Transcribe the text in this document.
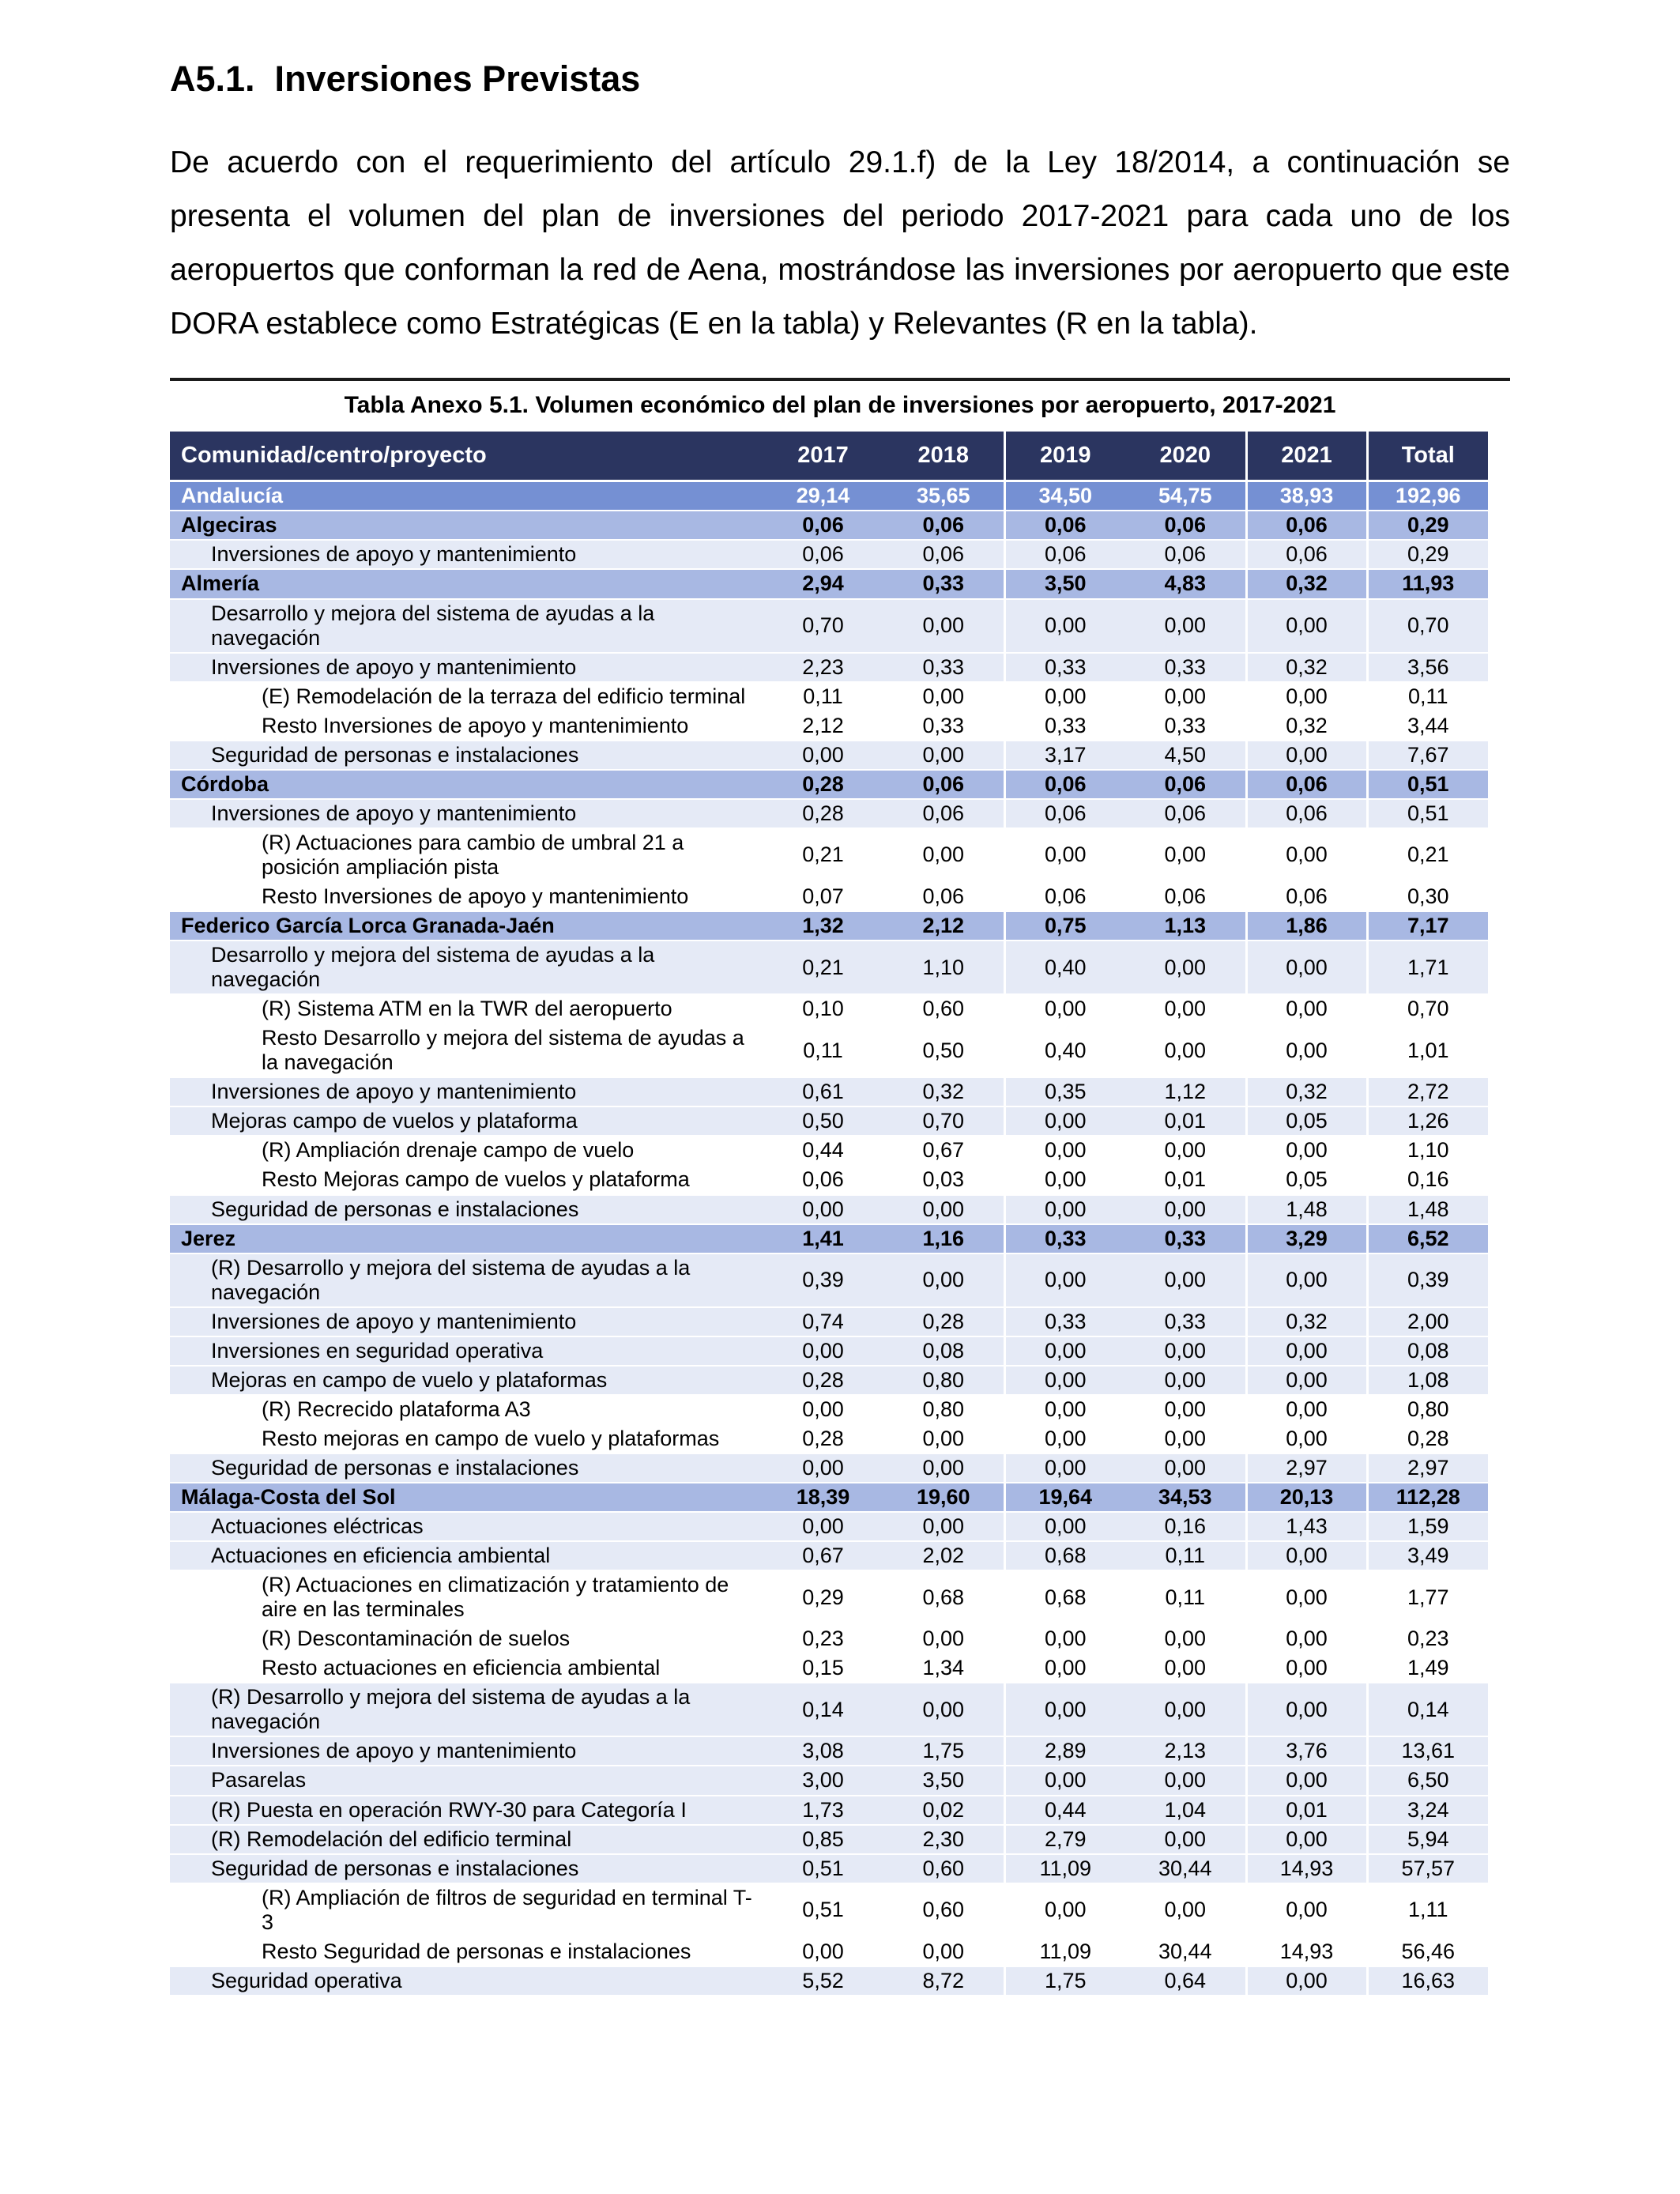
A5.1.  Inversiones Previstas

De acuerdo con el requerimiento del artículo 29.1.f) de la Ley 18/2014, a continuación se presenta el volumen del plan de inversiones del periodo 2017-2021 para cada uno de los aeropuertos que conforman la red de Aena, mostrándose las inversiones por aeropuerto que este DORA establece como Estratégicas (E en la tabla) y Relevantes (R en la tabla).

Tabla Anexo 5.1. Volumen económico del plan de inversiones por aeropuerto, 2017-2021
Comunidad/centro/proyecto	2017	2018	2019	2020	2021	Total
Andalucía	29,14	35,65	34,50	54,75	38,93	192,96
Algeciras	0,06	0,06	0,06	0,06	0,06	0,29
Inversiones de apoyo y mantenimiento	0,06	0,06	0,06	0,06	0,06	0,29
Almería	2,94	0,33	3,50	4,83	0,32	11,93
Desarrollo y mejora del sistema de ayudas a la navegación	0,70	0,00	0,00	0,00	0,00	0,70
Inversiones de apoyo y mantenimiento	2,23	0,33	0,33	0,33	0,32	3,56
(E) Remodelación de la terraza del edificio terminal	0,11	0,00	0,00	0,00	0,00	0,11
Resto Inversiones de apoyo y mantenimiento	2,12	0,33	0,33	0,33	0,32	3,44
Seguridad de personas e instalaciones	0,00	0,00	3,17	4,50	0,00	7,67
Córdoba	0,28	0,06	0,06	0,06	0,06	0,51
Inversiones de apoyo y mantenimiento	0,28	0,06	0,06	0,06	0,06	0,51
(R) Actuaciones para cambio de umbral 21 a posición ampliación pista	0,21	0,00	0,00	0,00	0,00	0,21
Resto Inversiones de apoyo y mantenimiento	0,07	0,06	0,06	0,06	0,06	0,30
Federico García Lorca Granada-Jaén	1,32	2,12	0,75	1,13	1,86	7,17
Desarrollo y mejora del sistema de ayudas a la navegación	0,21	1,10	0,40	0,00	0,00	1,71
(R) Sistema ATM en la TWR del aeropuerto	0,10	0,60	0,00	0,00	0,00	0,70
Resto Desarrollo y mejora del sistema de ayudas a la navegación	0,11	0,50	0,40	0,00	0,00	1,01
Inversiones de apoyo y mantenimiento	0,61	0,32	0,35	1,12	0,32	2,72
Mejoras campo de vuelos y plataforma	0,50	0,70	0,00	0,01	0,05	1,26
(R) Ampliación drenaje campo de vuelo	0,44	0,67	0,00	0,00	0,00	1,10
Resto Mejoras campo de vuelos y plataforma	0,06	0,03	0,00	0,01	0,05	0,16
Seguridad de personas e instalaciones	0,00	0,00	0,00	0,00	1,48	1,48
Jerez	1,41	1,16	0,33	0,33	3,29	6,52
(R) Desarrollo y mejora del sistema de ayudas a la navegación	0,39	0,00	0,00	0,00	0,00	0,39
Inversiones de apoyo y mantenimiento	0,74	0,28	0,33	0,33	0,32	2,00
Inversiones en seguridad operativa	0,00	0,08	0,00	0,00	0,00	0,08
Mejoras en campo de vuelo y plataformas	0,28	0,80	0,00	0,00	0,00	1,08
(R) Recrecido plataforma A3	0,00	0,80	0,00	0,00	0,00	0,80
Resto mejoras en campo de vuelo y plataformas	0,28	0,00	0,00	0,00	0,00	0,28
Seguridad de personas e instalaciones	0,00	0,00	0,00	0,00	2,97	2,97
Málaga-Costa del Sol	18,39	19,60	19,64	34,53	20,13	112,28
Actuaciones eléctricas	0,00	0,00	0,00	0,16	1,43	1,59
Actuaciones en eficiencia ambiental	0,67	2,02	0,68	0,11	0,00	3,49
(R) Actuaciones en climatización y tratamiento de aire en las terminales	0,29	0,68	0,68	0,11	0,00	1,77
(R) Descontaminación de suelos	0,23	0,00	0,00	0,00	0,00	0,23
Resto actuaciones en eficiencia ambiental	0,15	1,34	0,00	0,00	0,00	1,49
(R) Desarrollo y mejora del sistema de ayudas a la navegación	0,14	0,00	0,00	0,00	0,00	0,14
Inversiones de apoyo y mantenimiento	3,08	1,75	2,89	2,13	3,76	13,61
Pasarelas	3,00	3,50	0,00	0,00	0,00	6,50
(R) Puesta en operación RWY-30 para Categoría I	1,73	0,02	0,44	1,04	0,01	3,24
(R) Remodelación del edificio terminal	0,85	2,30	2,79	0,00	0,00	5,94
Seguridad de personas e instalaciones	0,51	0,60	11,09	30,44	14,93	57,57
(R) Ampliación de filtros de seguridad en terminal T-3	0,51	0,60	0,00	0,00	0,00	1,11
Resto Seguridad de personas e instalaciones	0,00	0,00	11,09	30,44	14,93	56,46
Seguridad operativa	5,52	8,72	1,75	0,64	0,00	16,63
